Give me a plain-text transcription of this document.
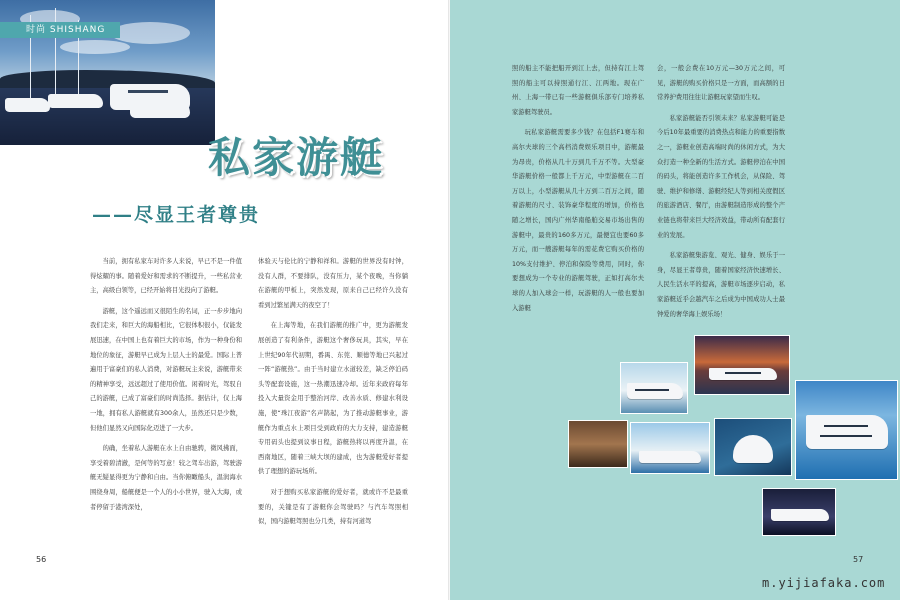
时尚 SHISHANG
私家游艇
——尽显王者尊贵

当前，拥有私家车对许多人来说，早已不是一件值得炫耀的事。随着爱好和需求的不断提升，一些私营业主，高级白领等，已经开始将目光投向了游艇。

游艇，这个遥远而又很陌生的名词，正一步步地向我们走来，和巨大的海船相比，它很体积很小，仅能发展迅速，在中国上也有着巨大的市场，作为一种身份和地位的象征，游艇早已成为上层人士的最爱。国际上普遍用于富豪们的私人消费，对游艇玩主来说，游艇带来的精神享受，远远超过了使用价值。闲着时光，驾驭自己的游艇，已成了富豪们的时尚选择。据估计，仅上海一地，拥有私人游艇就有300余人，虽然还只是少数，但他们显然又向国际化迈进了一大步。

的确，坐着私人游艇在水上自由驰骋，微风拂面，享受着碧清澈，是何等的写意！较之驾车出游，驾驶游艇无疑显得更为宁静和自由。当你俯瞰船头，温润海水围绕身周，船艇便是一个人的小小世界，驶入大海，或者停留于港湾深处，

体验天与伦比的宁静和祥和。游艇的世界没有时钟，没有人群，不要排队，没有压力，某个夜晚，当你躺在游艇的甲板上，突然发现，原来自己已经许久没有看到过繁星满天的夜空了！

在上海等地，在我们游艇的推广中，更为游艇发展创造了有利条件，游艇这个奢侈玩具，其实，早在上世纪90年代初期，番禺、东莞、顺德等地已兴起过一阵“游艇热”。由于当时建立水道较差，缺乏停泊码头等配套设施，这一热潮迅速冷却。近年来政府每年投入大量资金用于整治河岸、改善水质、修建水利设施，使“珠江夜游”名声鹊起，为了推动游艇事业，游艇作为重点水上项目受到政府的大力支持，建造游艇专用码头也提到议事日程，游艇热将以再度升温，在西南地区，随着三峡大坝的建成，也为游艇爱好者提供了理想的游玩场所。

对于想购买私家游艇的爱好者，就或许不是最重要的，关键是有了游艇你会驾驶吗？与汽车驾照相似，国内游艇驾照也分几类，持有河道驾

56

照的船主不能把船开到江上去，但持有江上驾照的船主可以持照通行江、江两地。现在广州、上海一带已有一些游艇俱乐部专门培养私家游艇驾驶员。

玩私家游艇需要多少钱？在包括F1赛车和高尔夫球的三个高档消费娱乐项目中，游艇最为昂贵，价格从几十万到几千万不等。大型豪华游艇价格一般都上千万元，中型游艇在二百万以上，小型游艇从几十万到二百万之间，随着游艇的尺寸、装饰豪华程度的增加，价格也随之增长，国内广州华南船舶交易市场出售的游艇中，最贵的160多万元，最便宜也要60多万元，而一艘游艇每年的需花费它购买价格的10%支付维护、停泊和保险等费用，同时，你要想成为一个专业的游艇驾驶，正如打高尔夫球的人加入球会一样，玩游艇的人一般也要加入游艇

会，一般会费在10万元—30万元之间，可见，游艇的购买价格只是一方面，而高额的日常养护费用往往让游艇玩家望而生叹。

私家游艇能否引领未来？私家游艇可能是今后10年最重要的消费热点和能力的重要指数之一，游艇业创造高端时尚的休闲方式，为大众打造一种全新的生活方式。游艇停泊在中国的码头，将能创造许多工作机会，从保险、驾驶、维护和修缮、游艇经纪人等到相关度假区的旅游酒店、餐厅，由游艇制造形成的整个产业链也将带来巨大经济效益，带动所有配套行业的发展。

私家游艇集游览、观光、健身、娱乐于一身，尽显王者尊贵，随着国家经济快速增长、人民生活水平的提高，游艇市场逐步启动，私家游艇近乎会越汽车之后成为中国成功人士最钟爱的奢华海上娱乐场！

57
m.yijiafaka.com
